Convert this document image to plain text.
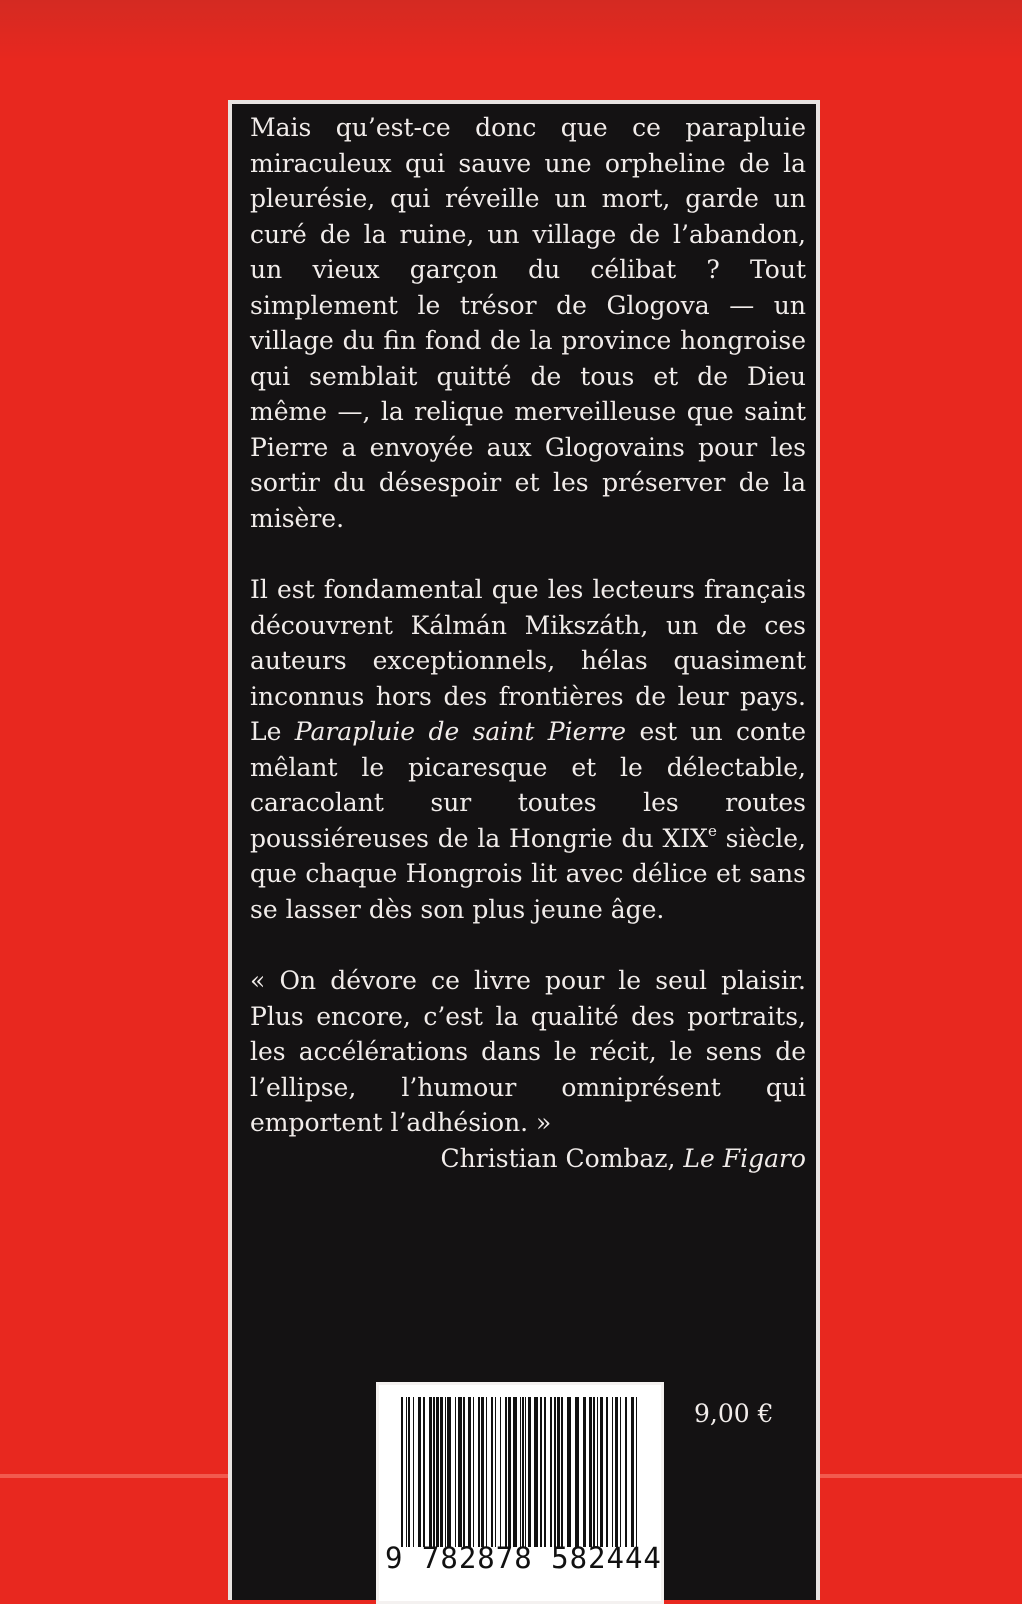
Mais qu’est-ce donc que ce parapluie miraculeux qui sauve une orpheline de la pleurésie, qui réveille un mort, garde un curé de la ruine, un village de l’abandon, un vieux garçon du célibat ? Tout simplement le trésor de Glogova — un village du fin fond de la province hongroise qui semblait quitté de tous et de Dieu même —, la relique merveilleuse que saint Pierre a envoyée aux Glogovains pour les sortir du désespoir et les préserver de la misère.

Il est fondamental que les lecteurs français découvrent Kálmán Mikszáth, un de ces auteurs exceptionnels, hélas quasiment inconnus hors des frontières de leur pays. Le Parapluie de saint Pierre est un conte mêlant le picaresque et le délectable, caracolant sur toutes les routes poussiéreuses de la Hongrie du XIXe siècle, que chaque Hongrois lit avec délice et sans se lasser dès son plus jeune âge.

« On dévore ce livre pour le seul plaisir. Plus encore, c’est la qualité des portraits, les accélérations dans le récit, le sens de l’ellipse, l’humour omniprésent qui emportent l’adhésion. »

Christian Combaz, Le Figaro

9,00 €
9 782878 582444
